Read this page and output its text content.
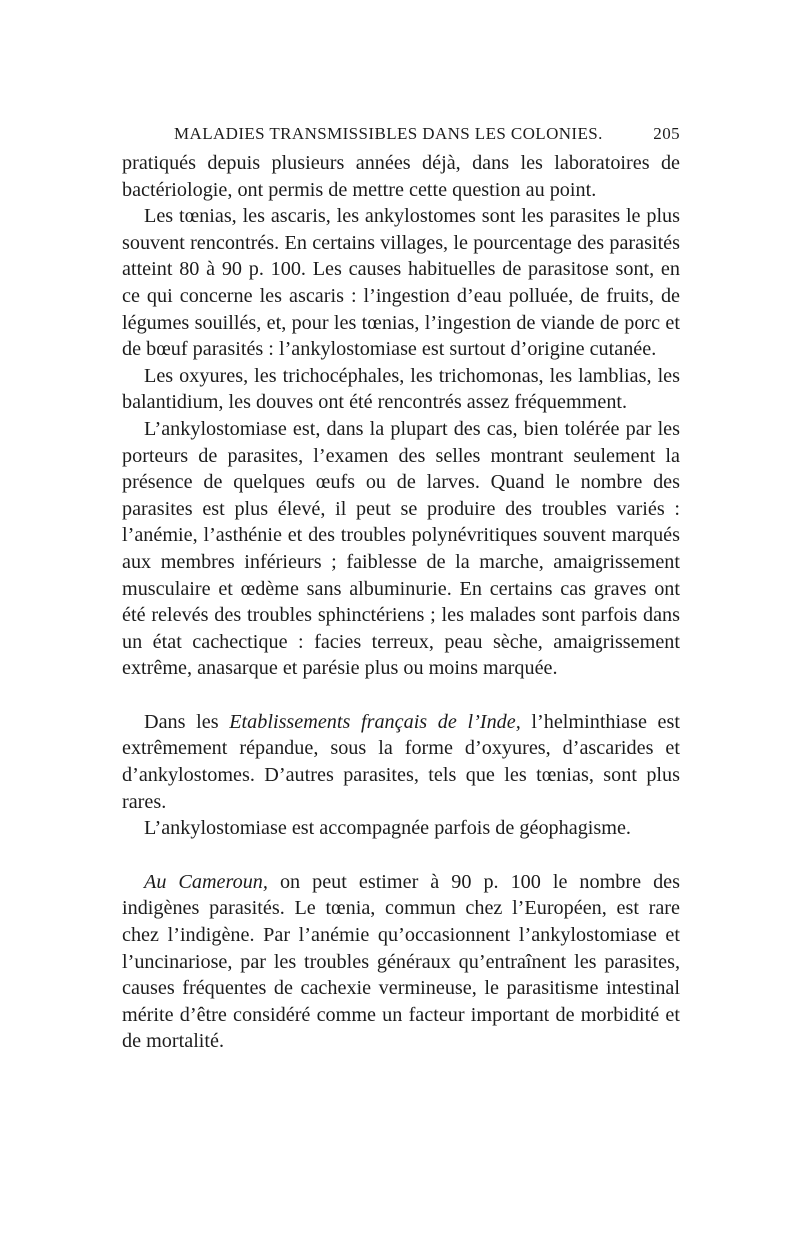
MALADIES TRANSMISSIBLES DANS LES COLONIES.	205

pratiqués depuis plusieurs années déjà, dans les laboratoires de bactériologie, ont permis de mettre cette question au point.

Les tœnias, les ascaris, les ankylostomes sont les parasites le plus souvent rencontrés. En certains villages, le pourcentage des parasités atteint 80 à 90 p. 100. Les causes habituelles de parasitose sont, en ce qui concerne les ascaris : l’ingestion d’eau polluée, de fruits, de légumes souillés, et, pour les tœnias, l’ingestion de viande de porc et de bœuf parasités : l’ankylostomiase est surtout d’origine cutanée.

Les oxyures, les trichocéphales, les trichomonas, les lamblias, les balantidium, les douves ont été rencontrés assez fréquemment.

L’ankylostomiase est, dans la plupart des cas, bien tolérée par les porteurs de parasites, l’examen des selles montrant seulement la présence de quelques œufs ou de larves. Quand le nombre des parasites est plus élevé, il peut se produire des troubles variés : l’anémie, l’asthénie et des troubles polynévritiques souvent marqués aux membres inférieurs ; faiblesse de la marche, amaigrissement musculaire et œdème sans albuminurie. En certains cas graves ont été relevés des troubles sphinctériens ; les malades sont parfois dans un état cachectique : facies terreux, peau sèche, amaigrissement extrême, anasarque et parésie plus ou moins marquée.

Dans les Etablissements français de l’Inde, l’helminthiase est extrêmement répandue, sous la forme d’oxyures, d’ascarides et d’ankylostomes. D’autres parasites, tels que les tœnias, sont plus rares.

L’ankylostomiase est accompagnée parfois de géophagisme.

Au Cameroun, on peut estimer à 90 p. 100 le nombre des indigènes parasités. Le tœnia, commun chez l’Européen, est rare chez l’indigène. Par l’anémie qu’occasionnent l’ankylostomiase et l’uncinariose, par les troubles généraux qu’entraînent les parasites, causes fréquentes de cachexie vermineuse, le parasitisme intestinal mérite d’être considéré comme un facteur important de morbidité et de mortalité.
